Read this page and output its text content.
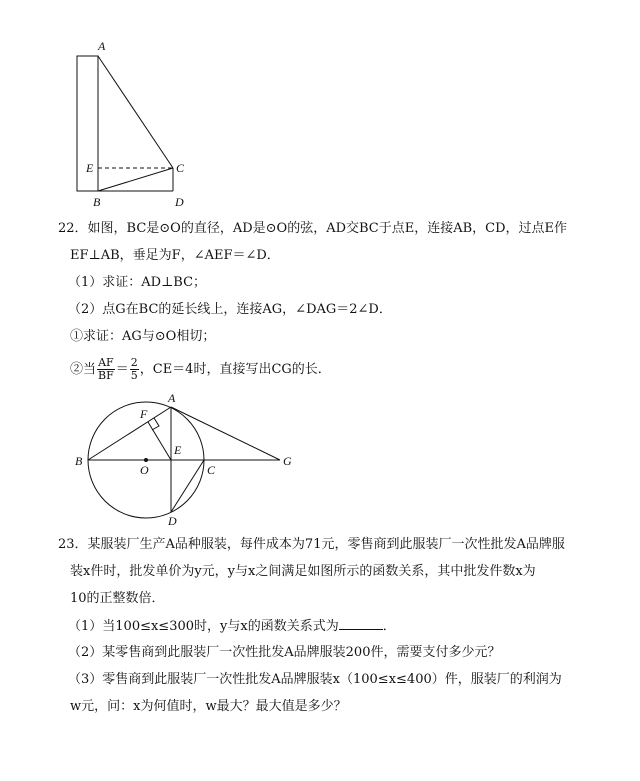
A
E	C
B	D
22．如图，BC是⊙O的直径，AD是⊙O的弦，AD交BC于点E，连接AB，CD，过点E作
EF⊥AB，垂足为F，∠AEF＝∠D．
（1）求证：AD⊥BC；
（2）点G在BC的延长线上，连接AG，∠DAG＝2∠D．
①求证：AG与⊙O相切；
②当 $\frac{AF}{BF} = \frac{2}{5}$ ，CE＝4时，直接写出CG的长．
A
F
B
O
E
C
G
D
23．某服装厂生产A品种服装，每件成本为71元，零售商到此服装厂一次性批发A品牌服
装x件时，批发单价为y元，y与x之间满足如图所示的函数关系，其中批发件数x为
10的正整数倍．
（1）当100≤x≤300时，y与x的函数关系式为	．
（2）某零售商到此服装厂一次性批发A品牌服装200件，需要支付多少元？
（3）零售商到此服装厂一次性批发A品牌服装x（100≤x≤400）件，服装厂的利润为
w元，问：x为何值时，w最大？最大值是多少？
